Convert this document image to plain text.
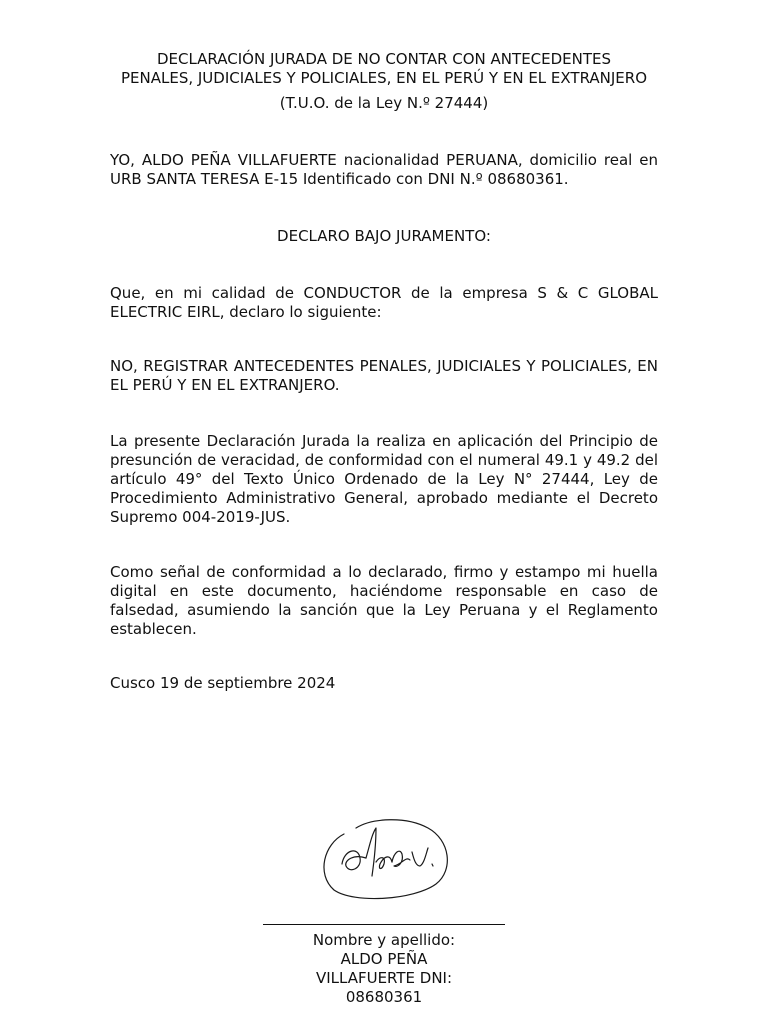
DECLARACIÓN JURADA DE NO CONTAR CON ANTECEDENTES
PENALES, JUDICIALES Y POLICIALES, EN EL PERÚ Y EN EL EXTRANJERO
(T.U.O. de la Ley N.º 27444)
YO, ALDO PEÑA VILLAFUERTE nacionalidad PERUANA, domicilio real en URB SANTA TERESA E-15 Identificado con DNI N.º 08680361.
DECLARO BAJO JURAMENTO:
Que, en mi calidad de CONDUCTOR de la empresa S & C GLOBAL ELECTRIC EIRL, declaro lo siguiente:
NO, REGISTRAR ANTECEDENTES PENALES, JUDICIALES Y POLICIALES, EN EL PERÚ Y EN EL EXTRANJERO.
La presente Declaración Jurada la realiza en aplicación del Principio de presunción de veracidad, de conformidad con el numeral 49.1 y 49.2 del artículo 49° del Texto Único Ordenado de la Ley N° 27444, Ley de Procedimiento Administrativo General, aprobado mediante el Decreto Supremo 004-2019-JUS.
Como señal de conformidad a lo declarado, firmo y estampo mi huella digital en este documento, haciéndome responsable en caso de falsedad, asumiendo la sanción que la Ley Peruana y el Reglamento establecen.
Cusco 19 de septiembre 2024
Nombre y apellido:
ALDO PEÑA
VILLAFUERTE DNI:
08680361
